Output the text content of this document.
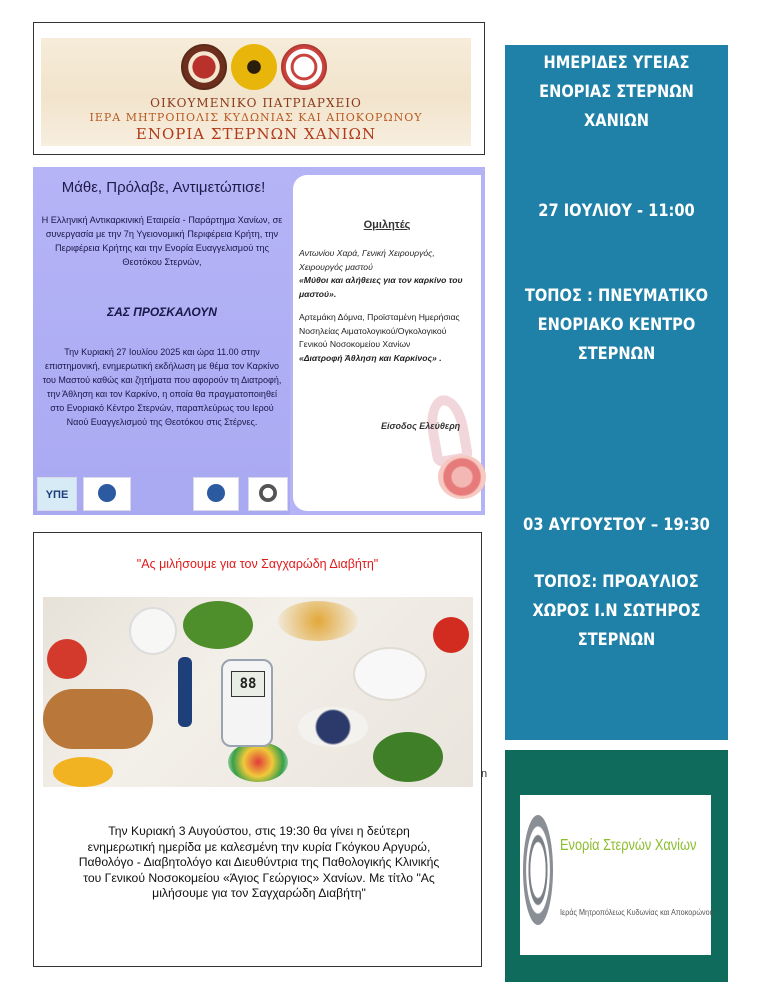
ΟΙΚΟΥΜΕΝΙΚΟ ΠΑΤΡΙΑΡΧΕΙΟ
ΙΕΡΑ ΜΗΤΡΟΠΟΛΙΣ ΚΥΔΩΝΙΑΣ ΚΑΙ ΑΠΟΚΟΡΩΝΟΥ
ΕΝΟΡΙΑ ΣΤΕΡΝΩΝ ΧΑΝΙΩΝ
Μάθε, Πρόλαβε, Αντιμετώπισε!
Η Ελληνική Αντικαρκινική Εταιρεία - Παράρτημα Χανίων, σε συνεργασία με την 7η Υγειονομική Περιφέρεια Κρήτη, την Περιφέρεια Κρήτης και την Ενορία Ευαγγελισμού της Θεοτόκου Στερνών,
ΣΑΣ ΠΡΟΣΚΑΛΟΥΝ
Την Κυριακή 27 Ιουλίου 2025 και ώρα 11.00 στην επιστημονική, ενημερωτική εκδήλωση με θέμα τον Καρκίνο του Μαστού καθώς και ζητήματα που αφορούν τη Διατροφή, την Άθληση και τον Καρκίνο, η οποία θα πραγματοποιηθεί στο Ενοριακό Κέντρο Στερνών, παραπλεύρως του Ιερού Ναού Ευαγγελισμού της Θεοτόκου στις Στέρνες.
ΥΠΕ
Ομιλητές
Αντωνίου Χαρά, Γενική Χειρουργός, Χειρουργός μαστού
«Μύθοι και αλήθειες για τον καρκίνο του μαστού».
Αρτεμάκη Δόμνα, Προϊσταμένη Ημερήσιας Νοσηλείας Αιματολογικού/Ογκολογικού Γενικού Νοσοκομείου Χανίων
«Διατροφή Άθληση και Καρκίνος» .
Είσοδος Ελεύθερη
"Ας μιλήσουμε για τον Σαγχαρώδη Διαβήτη"
88
Την Κυριακή 3 Αυγούστου, στις 19:30 θα γίνει η δεύτερη ενημερωτική ημερίδα με καλεσμένη την κυρία Γκόγκου Αργυρώ, Παθολόγο - Διαβητολόγο και Διευθύντρια της Παθολογικής Κλινικής του Γενικού Νοσοκομείου «Άγιος Γεώργιος» Χανίων. Με τίτλο "Ας μιλήσουμε για τον Σαγχαρώδη Διαβήτη"
n
ΗΜΕΡΙΔΕΣ ΥΓΕΙΑΣ ΕΝΟΡΙΑΣ ΣΤΕΡΝΩΝ ΧΑΝΙΩΝ
27 ΙΟΥΛΙΟΥ - 11:00
ΤΟΠΟΣ : ΠΝΕΥΜΑΤΙΚΟ ΕΝΟΡΙΑΚΟ ΚΕΝΤΡΟ ΣΤΕΡΝΩΝ
03 ΑΥΓΟΥΣΤΟΥ – 19:30
ΤΟΠΟΣ: ΠΡΟΑΥΛΙΟΣ ΧΩΡΟΣ Ι.Ν ΣΩΤΗΡΟΣ ΣΤΕΡΝΩΝ
Ενορία Στερνών Χανίων
Ιεράς Μητροπόλεως Κυδωνίας και Αποκορώνου
